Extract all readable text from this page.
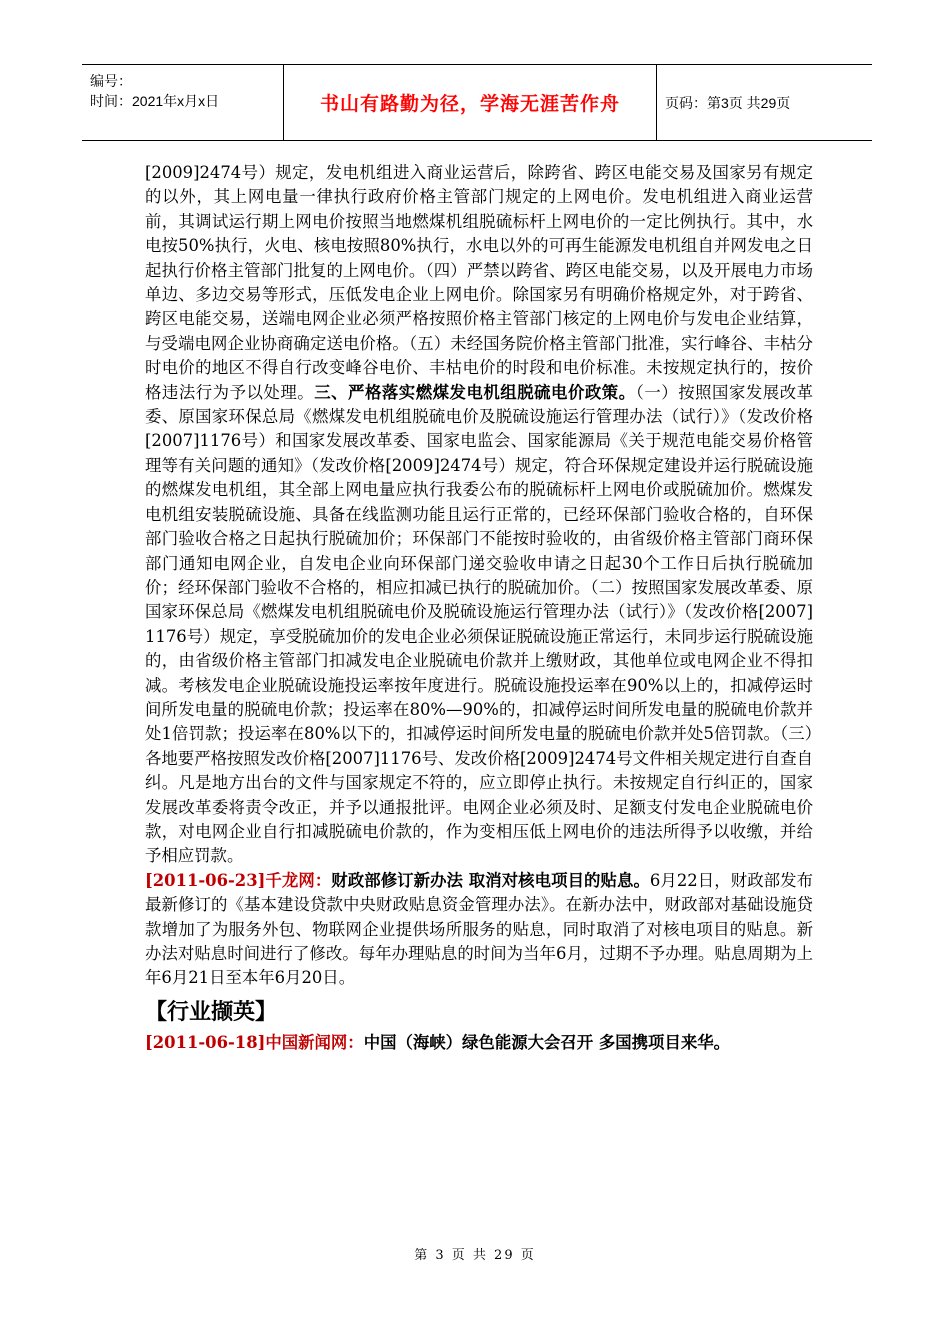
编号：
时间：2021年x月x日	书山有路勤为径，学海无涯苦作舟	页码：第3页 共29页

[2009]2474号）规定，发电机组进入商业运营后，除跨省、跨区电能交易及国家另有规定的以外，其上网电量一律执行政府价格主管部门规定的上网电价。发电机组进入商业运营前，其调试运行期上网电价按照当地燃煤机组脱硫标杆上网电价的一定比例执行。其中，水电按50%执行，火电、核电按照80%执行，水电以外的可再生能源发电机组自并网发电之日起执行价格主管部门批复的上网电价。（四）严禁以跨省、跨区电能交易，以及开展电力市场单边、多边交易等形式，压低发电企业上网电价。除国家另有明确价格规定外，对于跨省、跨区电能交易，送端电网企业必须严格按照价格主管部门核定的上网电价与发电企业结算，与受端电网企业协商确定送电价格。（五）未经国务院价格主管部门批准，实行峰谷、丰枯分时电价的地区不得自行改变峰谷电价、丰枯电价的时段和电价标准。未按规定执行的，按价格违法行为予以处理。三、严格落实燃煤发电机组脱硫电价政策。（一）按照国家发展改革委、原国家环保总局《燃煤发电机组脱硫电价及脱硫设施运行管理办法（试行）》（发改价格[2007]1176号）和国家发展改革委、国家电监会、国家能源局《关于规范电能交易价格管理等有关问题的通知》（发改价格[2009]2474号）规定，符合环保规定建设并运行脱硫设施的燃煤发电机组，其全部上网电量应执行我委公布的脱硫标杆上网电价或脱硫加价。燃煤发电机组安装脱硫设施、具备在线监测功能且运行正常的，已经环保部门验收合格的，自环保部门验收合格之日起执行脱硫加价；环保部门不能按时验收的，由省级价格主管部门商环保部门通知电网企业，自发电企业向环保部门递交验收申请之日起30个工作日后执行脱硫加价；经环保部门验收不合格的，相应扣减已执行的脱硫加价。（二）按照国家发展改革委、原国家环保总局《燃煤发电机组脱硫电价及脱硫设施运行管理办法（试行）》（发改价格[2007]1176号）规定，享受脱硫加价的发电企业必须保证脱硫设施正常运行，未同步运行脱硫设施的，由省级价格主管部门扣减发电企业脱硫电价款并上缴财政，其他单位或电网企业不得扣减。考核发电企业脱硫设施投运率按年度进行。脱硫设施投运率在90%以上的，扣减停运时间所发电量的脱硫电价款；投运率在80%—90%的，扣减停运时间所发电量的脱硫电价款并处1倍罚款；投运率在80%以下的，扣减停运时间所发电量的脱硫电价款并处5倍罚款。（三）各地要严格按照发改价格[2007]1176号、发改价格[2009]2474号文件相关规定进行自查自纠。凡是地方出台的文件与国家规定不符的，应立即停止执行。未按规定自行纠正的，国家发展改革委将责令改正，并予以通报批评。电网企业必须及时、足额支付发电企业脱硫电价款，对电网企业自行扣减脱硫电价款的，作为变相压低上网电价的违法所得予以收缴，并给予相应罚款。

[2011-06-23]千龙网：财政部修订新办法 取消对核电项目的贴息。6月22日，财政部发布最新修订的《基本建设贷款中央财政贴息资金管理办法》。在新办法中，财政部对基础设施贷款增加了为服务外包、物联网企业提供场所服务的贴息，同时取消了对核电项目的贴息。新办法对贴息时间进行了修改。每年办理贴息的时间为当年6月，过期不予办理。贴息周期为上年6月21日至本年6月20日。

【行业撷英】

[2011-06-18]中国新闻网：中国（海峡）绿色能源大会召开 多国携项目来华。

第 3 页 共 29 页
